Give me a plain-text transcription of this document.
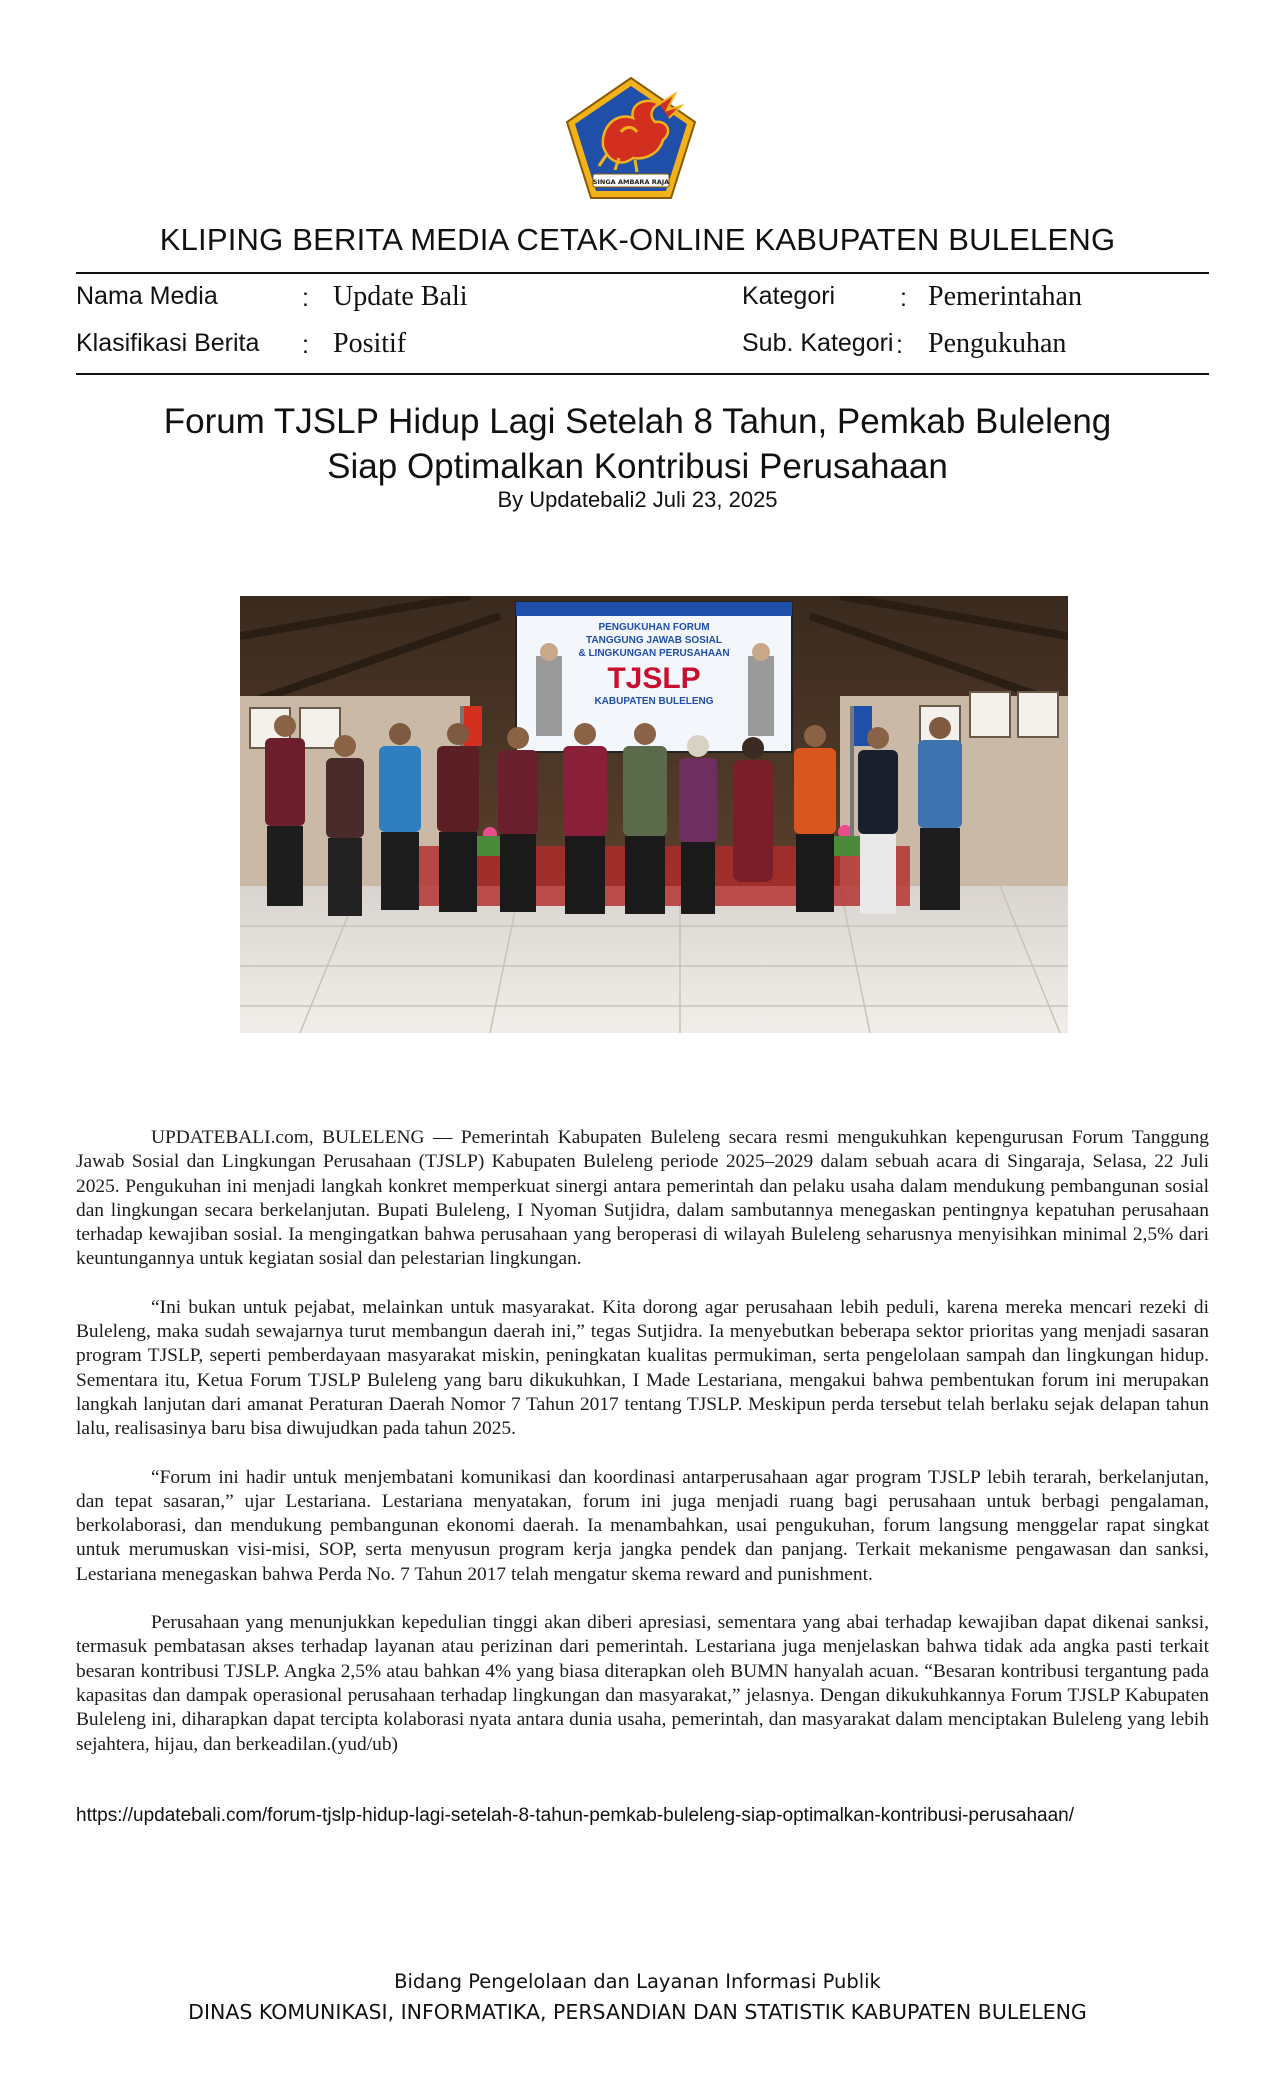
SINGA AMBARA RAJA
KLIPING BERITA MEDIA CETAK-ONLINE KABUPATEN BULELENG
Nama Media	: Update Bali
Klasifikasi Berita : Positif
Kategori	: Pemerintahan
Sub. Kategori : Pengukuhan
Forum TJSLP Hidup Lagi Setelah 8 Tahun, Pemkab Buleleng
Siap Optimalkan Kontribusi Perusahaan
By Updatebali2 Juli 23, 2025
PENGUKUHAN FORUM
TANGGUNG JAWAB SOSIAL
& LINGKUNGAN PERUSAHAAN
TJSLP
KABUPATEN BULELENG

UPDATEBALI.com, BULELENG — Pemerintah Kabupaten Buleleng secara resmi mengukuhkan kepengurusan Forum Tanggung Jawab Sosial dan Lingkungan Perusahaan (TJSLP) Kabupaten Buleleng periode 2025–2029 dalam sebuah acara di Singaraja, Selasa, 22 Juli 2025. Pengukuhan ini menjadi langkah konkret memperkuat sinergi antara pemerintah dan pelaku usaha dalam mendukung pembangunan sosial dan lingkungan secara berkelanjutan. Bupati Buleleng, I Nyoman Sutjidra, dalam sambutannya menegaskan pentingnya kepatuhan perusahaan terhadap kewajiban sosial. Ia mengingatkan bahwa perusahaan yang beroperasi di wilayah Buleleng seharusnya menyisihkan minimal 2,5% dari keuntungannya untuk kegiatan sosial dan pelestarian lingkungan.

“Ini bukan untuk pejabat, melainkan untuk masyarakat. Kita dorong agar perusahaan lebih peduli, karena mereka mencari rezeki di Buleleng, maka sudah sewajarnya turut membangun daerah ini,” tegas Sutjidra. Ia menyebutkan beberapa sektor prioritas yang menjadi sasaran program TJSLP, seperti pemberdayaan masyarakat miskin, peningkatan kualitas permukiman, serta pengelolaan sampah dan lingkungan hidup. Sementara itu, Ketua Forum TJSLP Buleleng yang baru dikukuhkan, I Made Lestariana, mengakui bahwa pembentukan forum ini merupakan langkah lanjutan dari amanat Peraturan Daerah Nomor 7 Tahun 2017 tentang TJSLP. Meskipun perda tersebut telah berlaku sejak delapan tahun lalu, realisasinya baru bisa diwujudkan pada tahun 2025.

“Forum ini hadir untuk menjembatani komunikasi dan koordinasi antarperusahaan agar program TJSLP lebih terarah, berkelanjutan, dan tepat sasaran,” ujar Lestariana. Lestariana menyatakan, forum ini juga menjadi ruang bagi perusahaan untuk berbagi pengalaman, berkolaborasi, dan mendukung pembangunan ekonomi daerah. Ia menambahkan, usai pengukuhan, forum langsung menggelar rapat singkat untuk merumuskan visi-misi, SOP, serta menyusun program kerja jangka pendek dan panjang. Terkait mekanisme pengawasan dan sanksi, Lestariana menegaskan bahwa Perda No. 7 Tahun 2017 telah mengatur skema reward and punishment.

Perusahaan yang menunjukkan kepedulian tinggi akan diberi apresiasi, sementara yang abai terhadap kewajiban dapat dikenai sanksi, termasuk pembatasan akses terhadap layanan atau perizinan dari pemerintah. Lestariana juga menjelaskan bahwa tidak ada angka pasti terkait besaran kontribusi TJSLP. Angka 2,5% atau bahkan 4% yang biasa diterapkan oleh BUMN hanyalah acuan. “Besaran kontribusi tergantung pada kapasitas dan dampak operasional perusahaan terhadap lingkungan dan masyarakat,” jelasnya. Dengan dikukuhkannya Forum TJSLP Kabupaten Buleleng ini, diharapkan dapat tercipta kolaborasi nyata antara dunia usaha, pemerintah, dan masyarakat dalam menciptakan Buleleng yang lebih sejahtera, hijau, dan berkeadilan.(yud/ub)

https://updatebali.com/forum-tjslp-hidup-lagi-setelah-8-tahun-pemkab-buleleng-siap-optimalkan-kontribusi-perusahaan/
Bidang Pengelolaan dan Layanan Informasi Publik
DINAS KOMUNIKASI, INFORMATIKA, PERSANDIAN DAN STATISTIK KABUPATEN BULELENG
